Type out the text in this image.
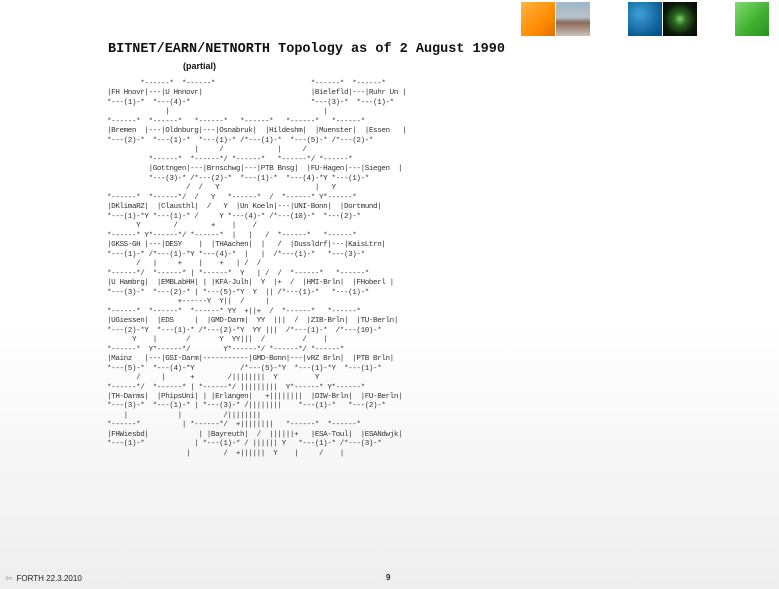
BITNET/EARN/NETNORTH Topology as of 2 August 1990
(partial)
*------*  *------*                       *------*  *------*
|FH Hnovr|---|U Hnnovr|                          |Bielefld|---|Ruhr Un |
*---(1)-*  *---(4)-*                             *---(3)-*  *---(1)-*
|                                     |
*------*  *------*   *------*   *------*   *------*   *------*
|Bremen  |---|Oldnburg|---|Osnabruk|  |Hildeshm|  |Muenster|  |Essen   |
*---(2)-*  *---(1)-*  *---(1)-* /*---(1)-*  *---(5)-* /*---(2)-*
|     /             |     /
*------*  *------*/ *------*   *------*/ *------*
|Gottngen|---|Brnschwg|---|PTB Bnsg|  |FU-Hagen|---|Siegen  |
*---(3)-* /*---(2)-*  *---(1)-*  *---(4)-*Y *---(1)-*
/  /   Y                       |   Y
*------*  *------*/  /   Y   *------*  /  *------* Y*------*
|DKlimaRZ|  |Clausthl|  /   Y  |Un Koeln|---|UNI-Bonn|  |Dortmund|
*---(1)-*Y *---(1)-* /     Y *---(4)-* /*---(10)-*  *---(2)-*
Y        /        +    |    /
*------* Y*------*/ *------*  |   |   /  *------*   *------*
|GKSS-GH |---|DESY    |  |THAachen|  |   /  |Dussldrf|---|KaisLtrn|
*---(1)-* /*---(1)-*Y *---(4)-*  |   |  /*---(1)-*   *---(3)-*
/   |     +    |    +   | /  /
*------*/  *------* | *------*  Y   | /  /  *------*   *------*
|U Hambrg|  |EMBLabHH| | |KFA-Julh|  Y  |+  /  |HMI-Brln|  |FHoberl |
*---(3)-*  *---(2)-* | *---(5)-*Y  Y  || /*---(1)-*   *---(1)-*
+------Y  Y||  /     |
*------*  *------*  *------* YY  +||+  /  *------*   *------*
|UGiessen|  |EDS     |  |GMD-Darm|  YY  |||  /  |ZIB-Brln|  |TU-Berln|
*---(2)-*Y  *---(1)-* /*---(2)-*Y  YY |||  /*---(1)-*  /*---(10)-*
Y    |       /       Y  YY|||  /         /    |
*------*  Y*------*/        Y*------*/ *------*/ *------*
|Mainz   |---|GSI-Darm|-----------|GMD-Bonn|---|vRZ Brln|  |PTB Brln|
*---(5)-*  *---(4)-*Y           /*---(5)-*Y  *---(1)-*Y  *---(1)-*
/     |      +        /||||||||  Y         Y
*------*/  *------* | *------*/ |||||||||  Y*------* Y*------*
|TH-Darms|  |PhipsUni| | |Erlangen|   +||||||||  |DIW-Brln|  |FU-Berln|
*---(3)-*  *---(1)-* | *---(3)-* /||||||||    *---(1)-*   *---(2)-*
|            |          /||||||||
*------*          | *------*/  +||||||||   *------*  *------*
|FHWiesbd|            | |Bayreuth|  /  ||||||+   |ESA-Toul|  |ESANdwjk|
*---(1)-*            | *---(1)-* / |||||| Y   *---(1)-* /*---(3)-*
|        /  +||||||  Y    |     /    |

⇦ FORTH 22.3.2010	9
